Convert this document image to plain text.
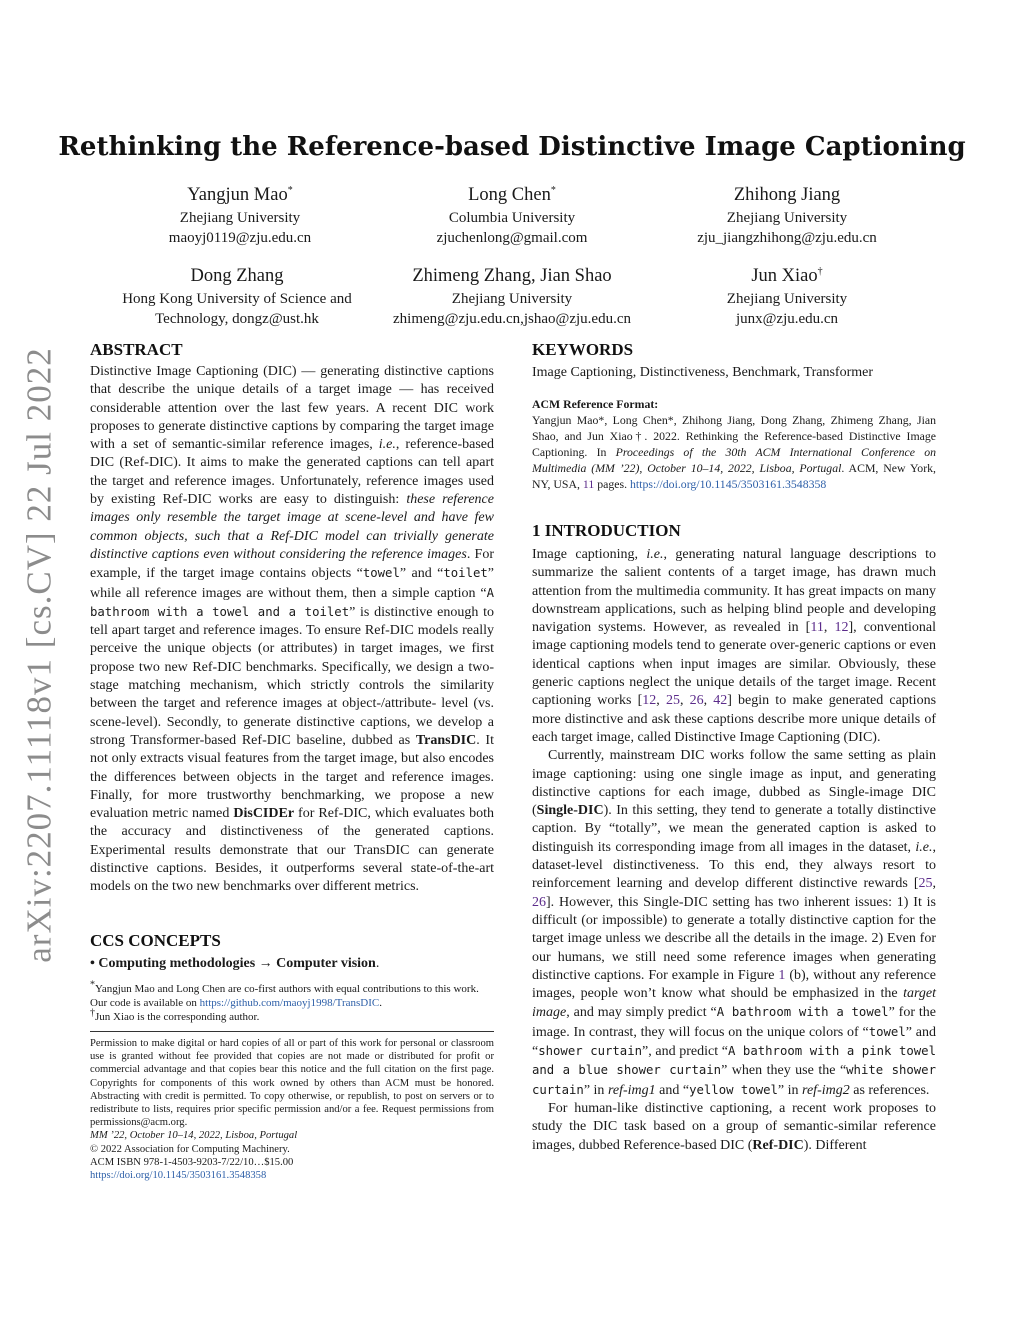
arXiv:2207.11118v1 [cs.CV] 22 Jul 2022
Rethinking the Reference-based Distinctive Image Captioning
Yangjun Mao*
Zhejiang University
maoyj0119@zju.edu.cn
Long Chen*
Columbia University
zjuchenlong@gmail.com
Zhihong Jiang
Zhejiang University
zju_jiangzhihong@zju.edu.cn
Dong Zhang
Hong Kong University of Science and
Technology, dongz@ust.hk
Zhimeng Zhang, Jian Shao
Zhejiang University
zhimeng@zju.edu.cn,jshao@zju.edu.cn
Jun Xiao†
Zhejiang University
junx@zju.edu.cn
ABSTRACT

Distinctive Image Captioning (DIC) — generating distinctive captions that describe the unique details of a target image — has received considerable attention over the last few years. A recent DIC work proposes to generate distinctive captions by comparing the target image with a set of semantic-similar reference images, i.e., reference-based DIC (Ref-DIC). It aims to make the generated captions can tell apart the target and reference images. Unfortunately, reference images used by existing Ref-DIC works are easy to distinguish: these reference images only resemble the target image at scene-level and have few common objects, such that a Ref-DIC model can trivially generate distinctive captions even without considering the reference images. For example, if the target image contains objects “towel” and “toilet” while all reference images are without them, then a simple caption “A bathroom with a towel and a toilet” is distinctive enough to tell apart target and reference images. To ensure Ref-DIC models really perceive the unique objects (or attributes) in target images, we first propose two new Ref-DIC benchmarks. Specifically, we design a two-stage matching mechanism, which strictly controls the similarity between the target and reference images at object-/attribute- level (vs. scene-level). Secondly, to generate distinctive captions, we develop a strong Transformer-based Ref-DIC baseline, dubbed as TransDIC. It not only extracts visual features from the target image, but also encodes the differences between objects in the target and reference images. Finally, for more trustworthy benchmarking, we propose a new evaluation metric named DisCIDEr for Ref-DIC, which evaluates both the accuracy and distinctiveness of the generated captions. Experimental results demonstrate that our TransDIC can generate distinctive captions. Besides, it outperforms several state-of-the-art models on the two new benchmarks over different metrics.

CCS CONCEPTS
• Computing methodologies → Computer vision.
*Yangjun Mao and Long Chen are co-first authors with equal contributions to this work. Our code is available on https://github.com/maoyj1998/TransDIC.
†Jun Xiao is the corresponding author.
Permission to make digital or hard copies of all or part of this work for personal or classroom use is granted without fee provided that copies are not made or distributed for profit or commercial advantage and that copies bear this notice and the full citation on the first page. Copyrights for components of this work owned by others than ACM must be honored. Abstracting with credit is permitted. To copy otherwise, or republish, to post on servers or to redistribute to lists, requires prior specific permission and/or a fee. Request permissions from permissions@acm.org.
MM ’22, October 10–14, 2022, Lisboa, Portugal
© 2022 Association for Computing Machinery.
ACM ISBN 978-1-4503-9203-7/22/10…$15.00
https://doi.org/10.1145/3503161.3548358
KEYWORDS
Image Captioning, Distinctiveness, Benchmark, Transformer
ACM Reference Format:
Yangjun Mao*, Long Chen*, Zhihong Jiang, Dong Zhang, Zhimeng Zhang, Jian Shao, and Jun Xiao†. 2022. Rethinking the Reference-based Distinctive Image Captioning. In Proceedings of the 30th ACM International Conference on Multimedia (MM ’22), October 10–14, 2022, Lisboa, Portugal. ACM, New York, NY, USA, 11 pages. https://doi.org/10.1145/3503161.3548358
1 INTRODUCTION

Image captioning, i.e., generating natural language descriptions to summarize the salient contents of a target image, has drawn much attention from the multimedia community. It has great impacts on many downstream applications, such as helping blind people and developing navigation systems. However, as revealed in [11, 12], conventional image captioning models tend to generate over-generic captions or even identical captions when input images are similar. Obviously, these generic captions neglect the unique details of the target image. Recent captioning works [12, 25, 26, 42] begin to make generated captions more distinctive and ask these captions describe more unique details of each target image, called Distinctive Image Captioning (DIC).

Currently, mainstream DIC works follow the same setting as plain image captioning: using one single image as input, and generating distinctive captions for each image, dubbed as Single-image DIC (Single-DIC). In this setting, they tend to generate a totally distinctive caption. By “totally”, we mean the generated caption is asked to distinguish its corresponding image from all images in the dataset, i.e., dataset-level distinctiveness. To this end, they always resort to reinforcement learning and develop different distinctive rewards [25, 26]. However, this Single-DIC setting has two inherent issues: 1) It is difficult (or impossible) to generate a totally distinctive caption for the target image unless we describe all the details in the image. 2) Even for our humans, we still need some reference images when generating distinctive captions. For example in Figure 1 (b), without any reference images, people won’t know what should be emphasized in the target image, and may simply predict “A bathroom with a towel” for the image. In contrast, they will focus on the unique colors of “towel” and “shower curtain”, and predict “A bathroom with a pink towel and a blue shower curtain” when they use the “white shower curtain” in ref-img1 and “yellow towel” in ref-img2 as references.

For human-like distinctive captioning, a recent work proposes to study the DIC task based on a group of semantic-similar reference images, dubbed Reference-based DIC (Ref-DIC). Different
